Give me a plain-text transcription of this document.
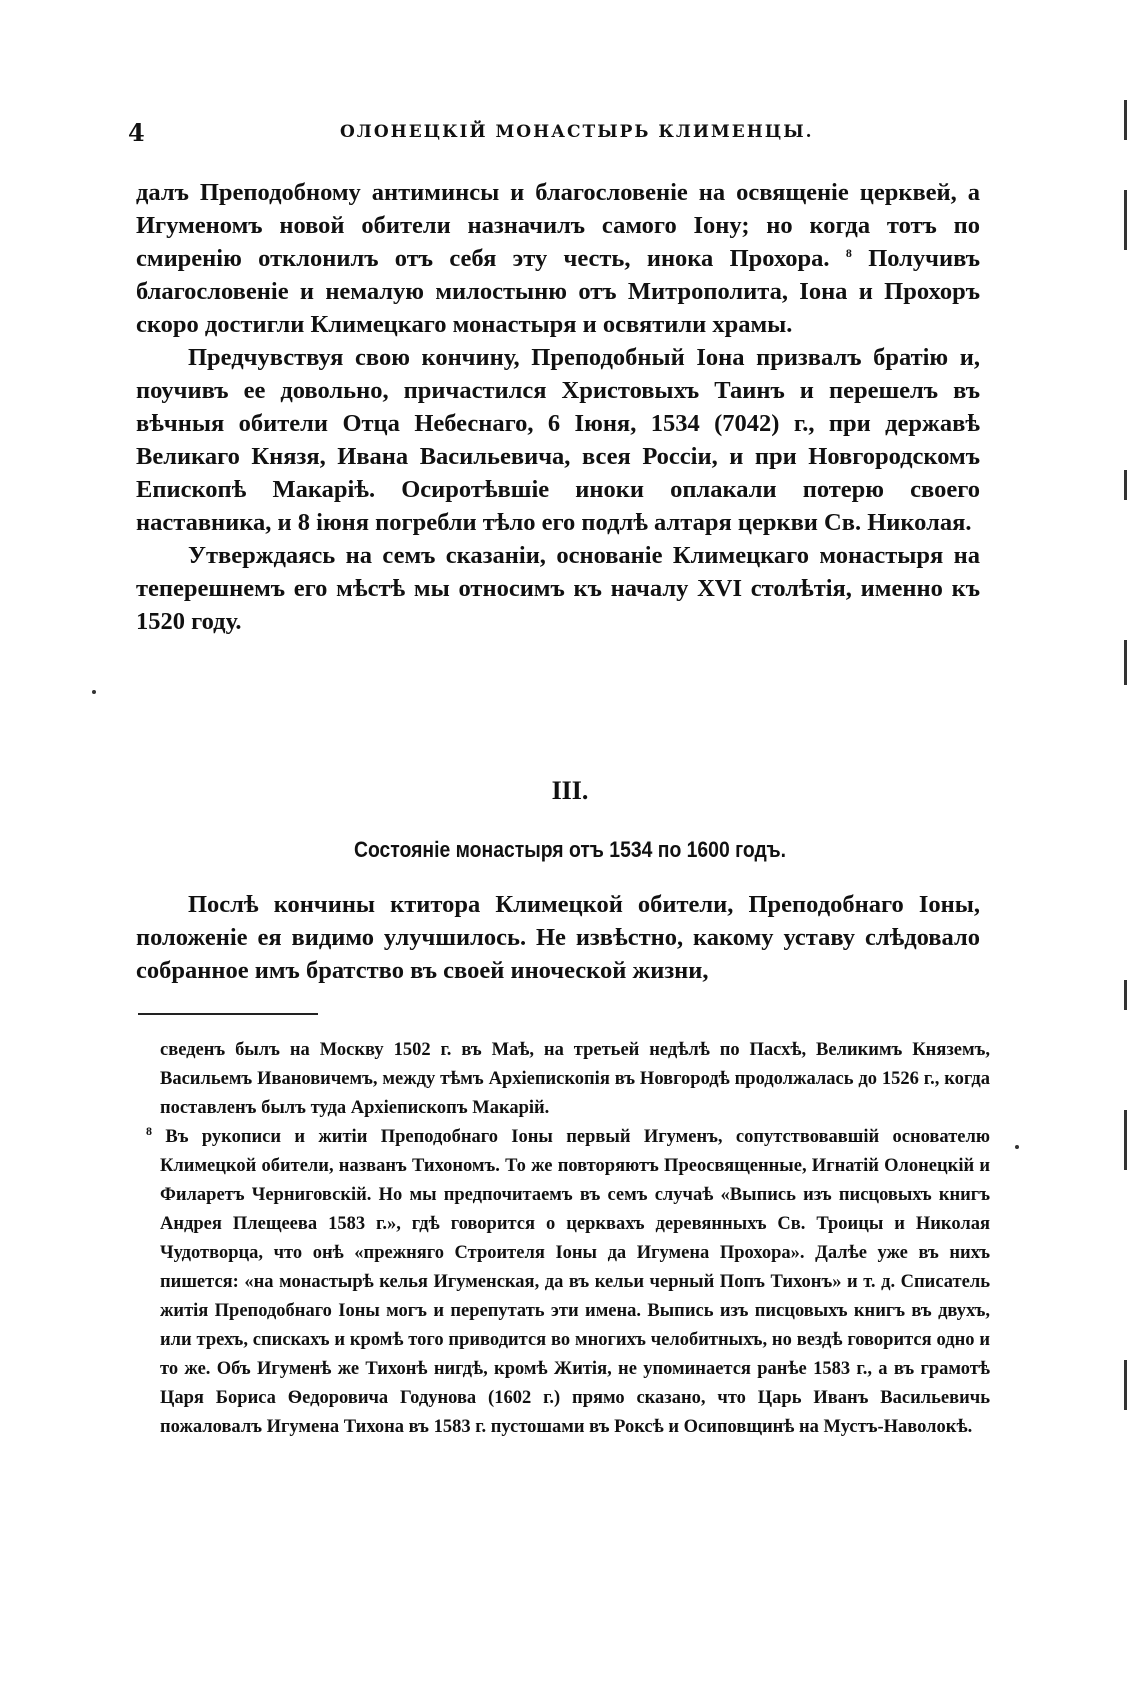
4	ОЛОНЕЦКІЙ МОНАСТЫРЬ КЛИМЕНЦЫ.

далъ Преподобному антиминсы и благословеніе на освященіе церквей, а Игуменомъ новой обители назначилъ самого Іону; но когда тотъ по смиренію отклонилъ отъ себя эту честь, инока Прохора. $^8$ Получивъ благословеніе и немалую милостыню отъ Митрополита, Іона и Прохоръ скоро достигли Климецкаго монастыря и освятили храмы.

Предчувствуя свою кончину, Преподобный Іона призвалъ братію и, поучивъ ее довольно, причастился Христовыхъ Таинъ и перешелъ въ вѣчныя обители Отца Небеснаго, 6 Іюня, 1534 (7042) г., при державѣ Великаго Князя, Ивана Васильевича, всея Россіи, и при Новгородскомъ Епископѣ Макаріѣ. Осиротѣвшіе иноки оплакали потерю своего наставника, и 8 іюня погребли тѣло его подлѣ алтаря церкви Св. Николая.

Утверждаясь на семъ сказаніи, основаніе Климецкаго монастыря на теперешнемъ его мѣстѣ мы относимъ къ началу XVI столѣтія, именно къ 1520 году.

III.
Состояніе монастыря отъ 1534 по 1600 годъ.

Послѣ кончины ктитора Климецкой обители, Преподобнаго Іоны, положеніе ея видимо улучшилось. Не извѣстно, какому уставу слѣдовало собранное имъ братство въ своей иноческой жизни,

сведенъ былъ на Москву 1502 г. въ Маѣ, на третьей недѣлѣ по Пасхѣ, Великимъ Княземъ, Васильемъ Ивановичемъ, между тѣмъ Архіепископія въ Новгородѣ продолжалась до 1526 г., когда поставленъ былъ туда Архіепископъ Макарій.

$^8$ Въ рукописи и житіи Преподобнаго Іоны первый Игуменъ, сопутствовавшій основателю Климецкой обители, названъ Тихономъ. То же повторяютъ Преосвященные, Игнатій Олонецкій и Филаретъ Черниговскій. Но мы предпочитаемъ въ семъ случаѣ «Выпись изъ писцовыхъ книгъ Андрея Плещеева 1583 г.», гдѣ говорится о церквахъ деревянныхъ Св. Троицы и Николая Чудотворца, что онѣ «прежняго Строителя Іоны да Игумена Прохора». Далѣе уже въ нихъ пишется: «на монастырѣ келья Игуменская, да въ кельи черный Попъ Тихонъ» и т. д. Списатель житія Преподобнаго Іоны могъ и перепутать эти имена. Выпись изъ писцовыхъ книгъ въ двухъ, или трехъ, спискахъ и кромѣ того приводится во многихъ челобитныхъ, но вездѣ говорится одно и то же. Объ Игуменѣ же Тихонѣ нигдѣ, кромѣ Житія, не упоминается ранѣе 1583 г., а въ грамотѣ Царя Бориса Ѳедоровича Годунова (1602 г.) прямо сказано, что Царь Иванъ Васильевичь пожаловалъ Игумена Тихона въ 1583 г. пустошами въ Роксѣ и Осиповщинѣ на Мустъ-Наволокѣ.
